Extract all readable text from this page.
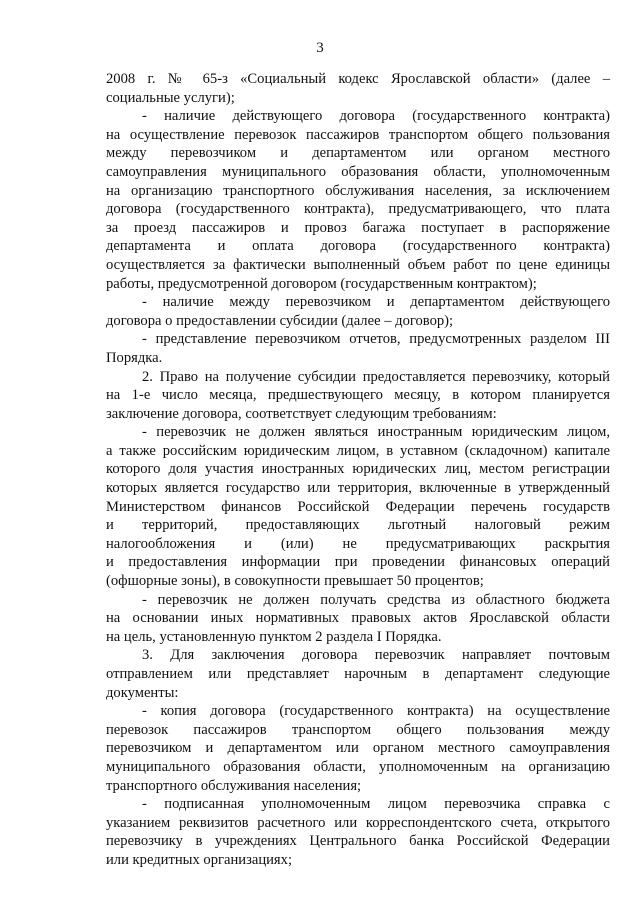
3
2008 г. № 65-з «Социальный кодекс Ярославской области» (далее –
социальные услуги);
- наличие действующего договора (государственного контракта)
на осуществление перевозок пассажиров транспортом общего пользования
между перевозчиком и департаментом или органом местного
самоуправления муниципального образования области, уполномоченным
на организацию транспортного обслуживания населения, за исключением
договора (государственного контракта), предусматривающего, что плата
за проезд пассажиров и провоз багажа поступает в распоряжение
департамента и оплата договора (государственного контракта)
осуществляется за фактически выполненный объем работ по цене единицы
работы, предусмотренной договором (государственным контрактом);
- наличие между перевозчиком и департаментом действующего
договора о предоставлении субсидии (далее – договор);
- представление перевозчиком отчетов, предусмотренных разделом III
Порядка.
2. Право на получение субсидии предоставляется перевозчику, который
на 1-е число месяца, предшествующего месяцу, в котором планируется
заключение договора, соответствует следующим требованиям:
- перевозчик не должен являться иностранным юридическим лицом,
а также российским юридическим лицом, в уставном (складочном) капитале
которого доля участия иностранных юридических лиц, местом регистрации
которых является государство или территория, включенные в утвержденный
Министерством финансов Российской Федерации перечень государств
и территорий, предоставляющих льготный налоговый режим
налогообложения и (или) не предусматривающих раскрытия
и предоставления информации при проведении финансовых операций
(офшорные зоны), в совокупности превышает 50 процентов;
- перевозчик не должен получать средства из областного бюджета
на основании иных нормативных правовых актов Ярославской области
на цель, установленную пунктом 2 раздела I Порядка.
3. Для заключения договора перевозчик направляет почтовым
отправлением или представляет нарочным в департамент следующие
документы:
- копия договора (государственного контракта) на осуществление
перевозок пассажиров транспортом общего пользования между
перевозчиком и департаментом или органом местного самоуправления
муниципального образования области, уполномоченным на организацию
транспортного обслуживания населения;
- подписанная уполномоченным лицом перевозчика справка с
указанием реквизитов расчетного или корреспондентского счета, открытого
перевозчику в учреждениях Центрального банка Российской Федерации
или кредитных организациях;
